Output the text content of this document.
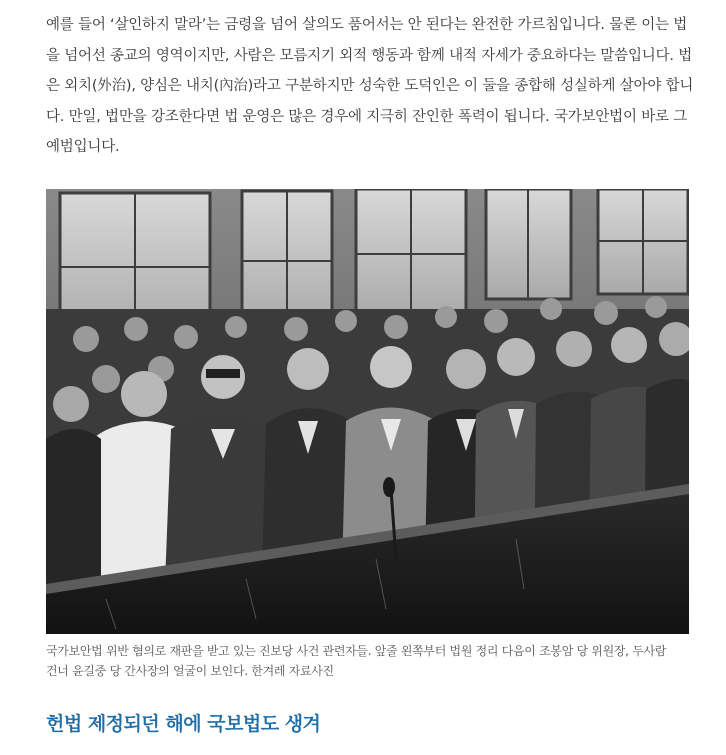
예를 들어 ‘살인하지 말라’는 금령을 넘어 살의도 품어서는 안 된다는 완전한 가르침입니다. 물론 이는 법
을 넘어선 종교의 영역이지만, 사람은 모름지기 외적 행동과 함께 내적 자세가 중요하다는 말씀입니다. 법
은 외치(外治), 양심은 내치(內治)라고 구분하지만 성숙한 도덕인은 이 둘을 종합해 성실하게 살아야 합니
다. 만일, 법만을 강조한다면 법 운영은 많은 경우에 지극히 잔인한 폭력이 됩니다. 국가보안법이 바로 그
예범입니다.

국가보안법 위반 혐의로 재판을 받고 있는 진보당 사건 관련자들. 앞줄 왼쪽부터 법원 정리 다음이 조봉암 당 위원장, 두사람
건너 윤길중 당 간사장의 얼굴이 보인다. 한겨레 자료사진

헌법 제정되던 해에 국보법도 생겨
